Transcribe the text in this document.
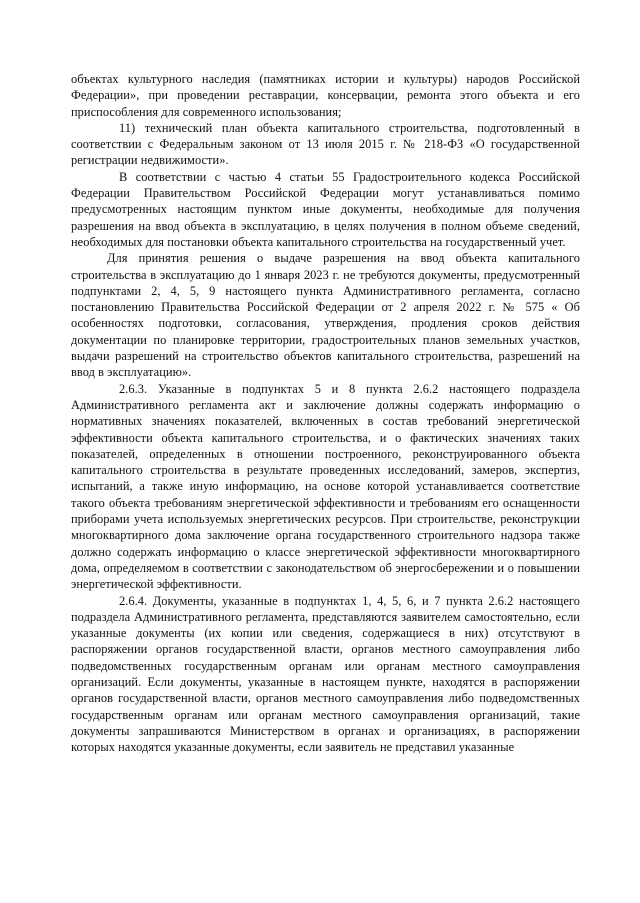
объектах культурного наследия (памятниках истории и культуры) народов Российской Федерации», при проведении реставрации, консервации, ремонта этого объекта и его приспособления для современного использования;

11) технический план объекта капитального строительства, подготовленный в соответствии с Федеральным законом от 13 июля 2015 г. № 218-ФЗ «О государственной регистрации недвижимости».

В соответствии с частью 4 статьи 55 Градостроительного кодекса Российской Федерации Правительством Российской Федерации могут устанавливаться помимо предусмотренных настоящим пунктом иные документы, необходимые для получения разрешения на ввод объекта в эксплуатацию, в целях получения в полном объеме сведений, необходимых для постановки объекта капитального строительства на государственный учет.

Для принятия решения о выдаче разрешения на ввод объекта капитального строительства в эксплуатацию до 1 января 2023 г. не требуются документы, предусмотренный подпунктами 2, 4, 5, 9 настоящего пункта Административного регламента, согласно постановлению Правительства Российской Федерации от 2 апреля 2022 г. № 575 « Об особенностях подготовки, согласования, утверждения, продления сроков действия документации по планировке территории, градостроительных планов земельных участков, выдачи разрешений на строительство объектов капитального строительства, разрешений на ввод в эксплуатацию».

2.6.3. Указанные в подпунктах 5 и 8 пункта 2.6.2 настоящего подраздела Административного регламента акт и заключение должны содержать информацию о нормативных значениях показателей, включенных в состав требований энергетической эффективности объекта капитального строительства, и о фактических значениях таких показателей, определенных в отношении построенного, реконструированного объекта капитального строительства в результате проведенных исследований, замеров, экспертиз, испытаний, а также иную информацию, на основе которой устанавливается соответствие такого объекта требованиям энергетической эффективности и требованиям его оснащенности приборами учета используемых энергетических ресурсов. При строительстве, реконструкции многоквартирного дома заключение органа государственного строительного надзора также должно содержать информацию о классе энергетической эффективности многоквартирного дома, определяемом в соответствии с законодательством об энергосбережении и о повышении энергетической эффективности.

2.6.4. Документы, указанные в подпунктах 1, 4, 5, 6, и 7 пункта 2.6.2 настоящего подраздела Административного регламента, представляются заявителем самостоятельно, если указанные документы (их копии или сведения, содержащиеся в них) отсутствуют в распоряжении органов государственной власти, органов местного самоуправления либо подведомственных государственным органам или органам местного самоуправления организаций. Если документы, указанные в настоящем пункте, находятся в распоряжении органов государственной власти, органов местного самоуправления либо подведомственных государственным органам или органам местного самоуправления организаций, такие документы запрашиваются Министерством в органах и организациях, в распоряжении которых находятся указанные документы, если заявитель не представил указанные
